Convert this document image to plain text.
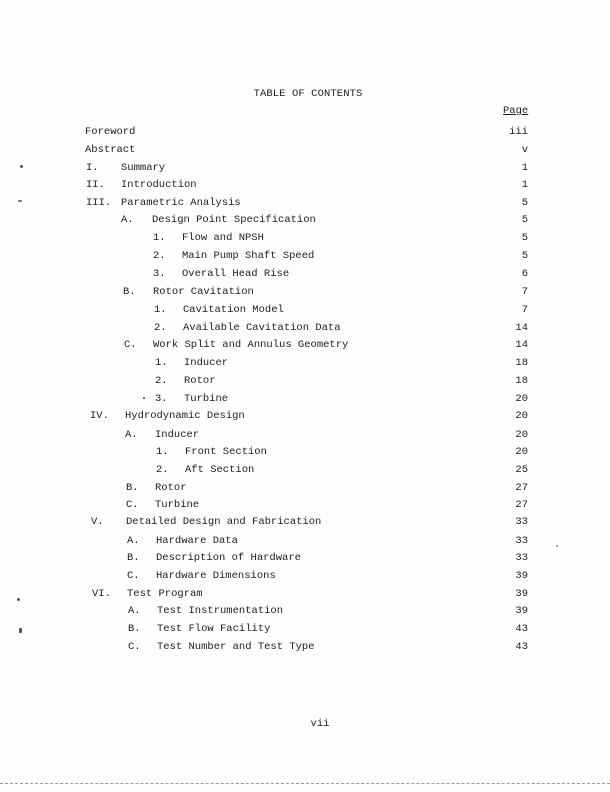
TABLE OF CONTENTS
Page
Foreword	iii
Abstract	v
I. Summary	1
II. Introduction	1
III. Parametric Analysis	5
A. Design Point Specification	5
1. Flow and NPSH	5
2. Main Pump Shaft Speed	5
3. Overall Head Rise	6
B. Rotor Cavitation	7
1. Cavitation Model	7
2. Available Cavitation Data	14
C. Work Split and Annulus Geometry	14
1. Inducer	18
2. Rotor	18
3. Turbine	20
IV. Hydrodynamic Design	20
A. Inducer	20
1. Front Section	20
2. Aft Section	25
B. Rotor	27
C. Turbine	27
V. Detailed Design and Fabrication	33
A. Hardware Data	33
B. Description of Hardware	33
C. Hardware Dimensions	39
VI. Test Program	39
A. Test Instrumentation	39
B. Test Flow Facility	43
C. Test Number and Test Type	43
vii
